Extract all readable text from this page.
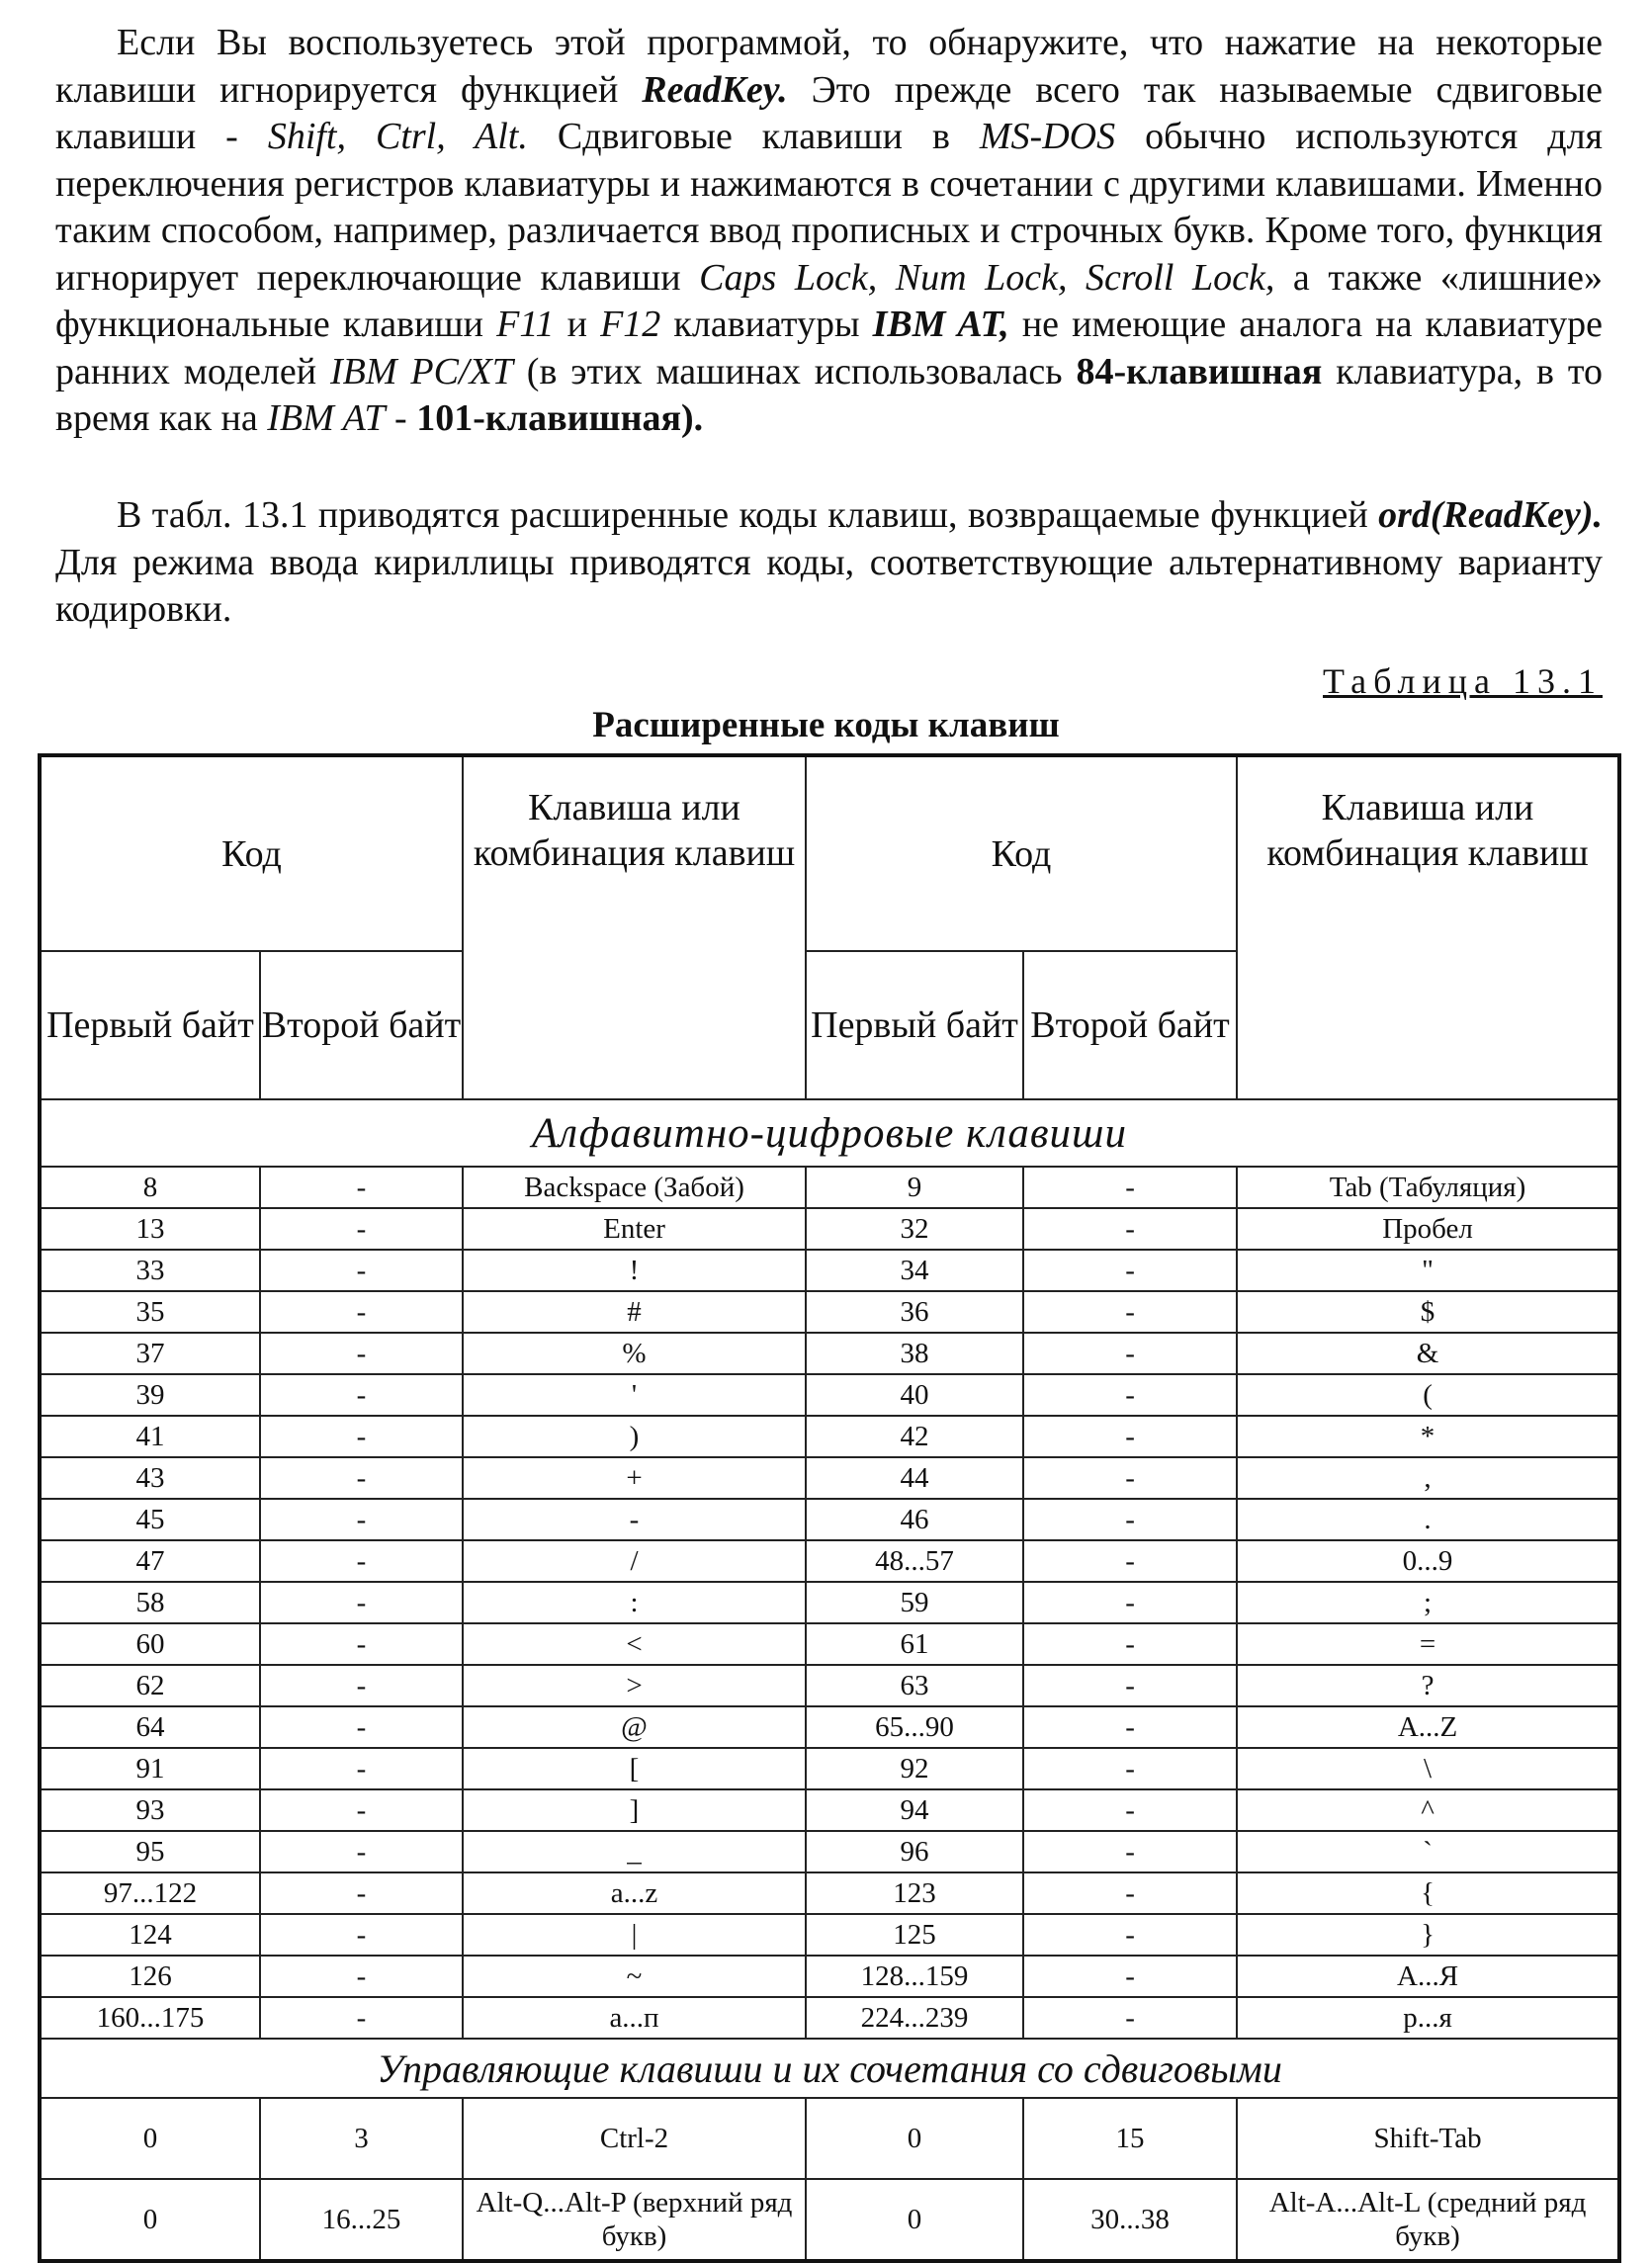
Если Вы воспользуетесь этой программой, то обнаружите, что нажатие на некоторые клавиши игнорируется функцией ReadKey. Это прежде всего так называемые сдвиговые клавиши - Shift, Ctrl, Alt. Сдвиговые клавиши в MS-DOS обычно используются для переключения регистров клавиатуры и нажимаются в сочетании с другими клавишами. Именно таким способом, например, различается ввод прописных и строчных букв. Кроме того, функция игнорирует переключающие клавиши Caps Lock, Num Lock, Scroll Lock, а также «лишние» функциональные клавиши F11 и F12 клавиатуры IBM AT, не имеющие аналога на клавиатуре ранних моделей IBM PC/XT (в этих машинах использовалась 84-клавишная клавиатура, в то время как на IBM AT - 101-клавишная).

В табл. 13.1 приводятся расширенные коды клавиш, возвращаемые функцией ord(ReadKey). Для режима ввода кириллицы приводятся коды, соответствующие альтернативному варианту кодировки.

Таблица 13.1
Расширенные коды клавиш
Код		Клавиша или комбинация клавиш	Код		Клавиша или комбинация клавиш
Первый байт	Второй байт		Первый байт	Второй байт	
Алфавитно-цифровые клавиши					
8	-	Backspace (Забой)	9	-	Tab (Табуляция)
13	-	Enter	32	-	Пробел
33	-	!	34	-	"
35	-	#	36	-	$
37	-	%	38	-	&
39	-	'	40	-	(
41	-	)	42	-	*
43	-	+	44	-	,
45	-	-	46	-	.
47	-	/	48...57	-	0...9
58	-	:	59	-	;
60	-	<	61	-	=
62	-	>	63	-	?
64	-	@	65...90	-	A...Z
91	-	[	92	-	\
93	-	]	94	-	^
95	-	_	96	-	`
97...122	-	a...z	123	-	{
124	-	|	125	-	}
126	-	~	128...159	-	А...Я
160...175	-	а...п	224...239	-	р...я
Управляющие клавиши и их сочетания со сдвиговыми					
0	3	Ctrl-2	0	15	Shift-Tab
0	16...25	Alt-Q...Alt-P (верхний ряд букв)	0	30...38	Alt-A...Alt-L (средний ряд букв)
